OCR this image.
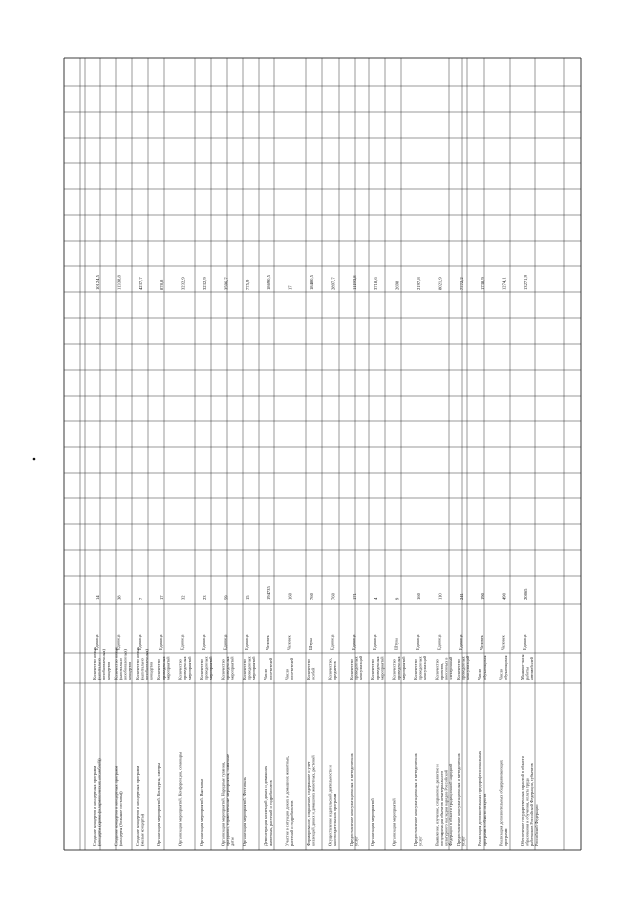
Создание концертов и концертных программ(концерты (кроме филармонических ансамблей))
Количество новых(капитальновозобновленных)концертов
Единица
14
10124,5
Создание концертов и концертных программ(концерты (большие составы))
Количество новых(капитальновозобновленных)концертов
Единица
38
11338,8
Создание концертов и концертных программ(малые концерты)
Количество новых(капитальновозобновленных)концертов
Единица
7
4237,7
Организация мероприятий. Конкурсы, смотры
Количествопроведенныхмероприятий
Единица
17
878,8
Организация мероприятий. Конференции, семинары
Количествопроведенныхмероприятий
Единица
32
3232,9
Организация мероприятий. Выставки
Количествопроведенныхмероприятий
Единица
23
3232,9
Организация мероприятий. Народные гуляния,праздники, торжественные мероприятия, памятныедаты
Количествопроведенныхмероприятий
Единица
59
3596,7
Организация мероприятий. Фестиваль
Количествопроведенныхмероприятий
Единица
15
775,9
Демонстрация коллекций диких и домашнихживотных, растений и гидробионтов
Числопосетителей
Человек
194735
18690,5
Участие в ситуации диких и домашних животных,растений и гидробионтов
Числопосетителей
Человек
160
17
Формирование, сохранение, содержание и учетколлекций диких и домашних животных, растений
Количествоособей
Штука
760
18480,5
Осуществление издательской деятельности икнигоиздательских программ
Количество,предметов
Единица
760
2897,7
Предоставление консультационных и методическихуслуг
Количествопроведенныхконсультаций
Единица
171
11193,8
Организация мероприятий
Количествопроведенныхмероприятий
Единица
4
3718,6
Организация мероприятий
Количествопроведенныхмероприятий
Штука
9
2698
Предоставление консультационных и методическихуслуг
Количествопроведенныхконсультаций
Единица
160
2197,8
Выявление, изучение, сохранение, развитие ипопуляризация объектов нематериальногокультурного наследия народов РоссийскойФедерации в области традиционной народной
Количествопроектов,внесенных вэлектронный
Единица
110
8021,9
Предоставление консультационных и методическихуслуг
Количествопроведенныхконсультаций
Единица
241
7772,2
Реализация дополнительных предпрофессиональныхпрограмм в области искусств
Числообучающихся
Человек
190
1738,9
Реализация дополнительных общеразвивающихпрограмм
Числообучающихся
Человек
490
1274,1
Обеспечение государственных гарантий в областиобразования и обучения, оплата трудаработников Российской Федерации, субъектовРоссийской Федерации
Машино-часыработыавтомобилей
Единица
20865
13271,9
